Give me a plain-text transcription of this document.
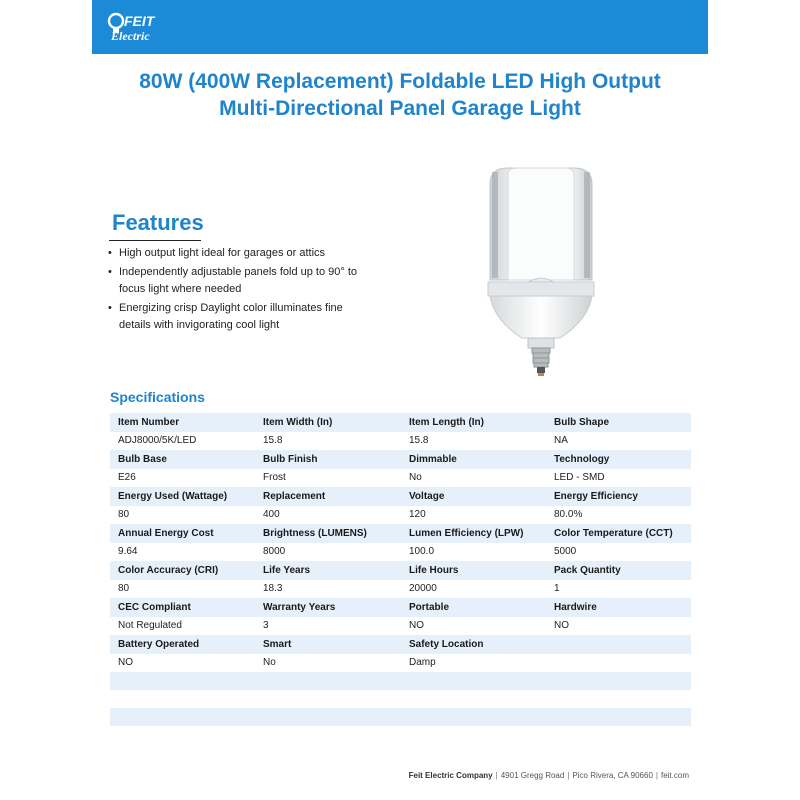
FEIT
Electric
80W (400W Replacement) Foldable LED High Output
Multi-Directional Panel Garage Light
Features
• High output light ideal for garages or attics
• Independently adjustable panels fold up to 90° to focus light where needed
• Energizing crisp Daylight color illuminates fine details with invigorating cool light
Specifications
Item Number	Item Width (In)	Item Length (In)	Bulb Shape
ADJ8000/5K/LED	15.8	15.8	NA
Bulb Base	Bulb Finish	Dimmable	Technology
E26	Frost	No	LED - SMD
Energy Used (Wattage)	Replacement	Voltage	Energy Efficiency
80	400	120	80.0%
Annual Energy Cost	Brightness (LUMENS)	Lumen Efficiency (LPW)	Color Temperature (CCT)
9.64	8000	100.0	5000
Color Accuracy (CRI)	Life Years	Life Hours	Pack Quantity
80	18.3	20000	1
CEC Compliant	Warranty Years	Portable	Hardwire
Not Regulated	3	NO	NO
Battery Operated	Smart	Safety Location	
NO	No	Damp	
Feit Electric Company | 4901 Gregg Road | Pico Rivera, CA 90660 | feit.com
